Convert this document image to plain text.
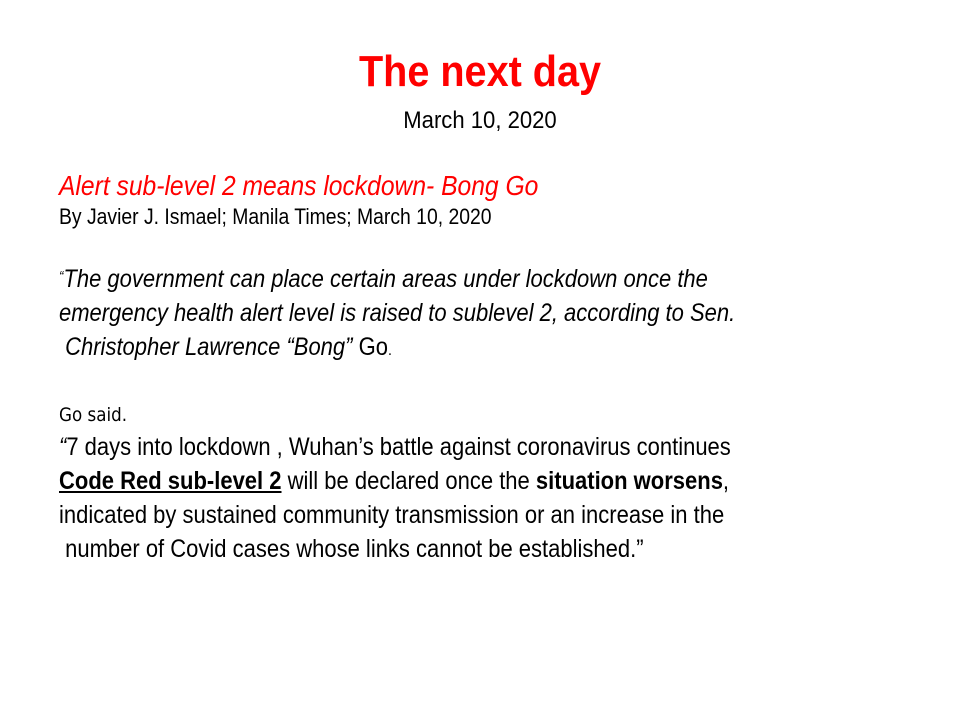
The next day
March 10, 2020
Alert sub-level 2 means lockdown- Bong Go
By Javier J. Ismael; Manila Times; March 10, 2020
“The government can place certain areas under lockdown once the
emergency health alert level is raised to sublevel 2, according to Sen.
Christopher Lawrence “Bong” Go.
Go said.
“7 days into lockdown , Wuhan’s battle against coronavirus continues
Code Red sub-level 2 will be declared once the situation worsens,
indicated by sustained community transmission or an increase in the
number of Covid cases whose links cannot be established.”
